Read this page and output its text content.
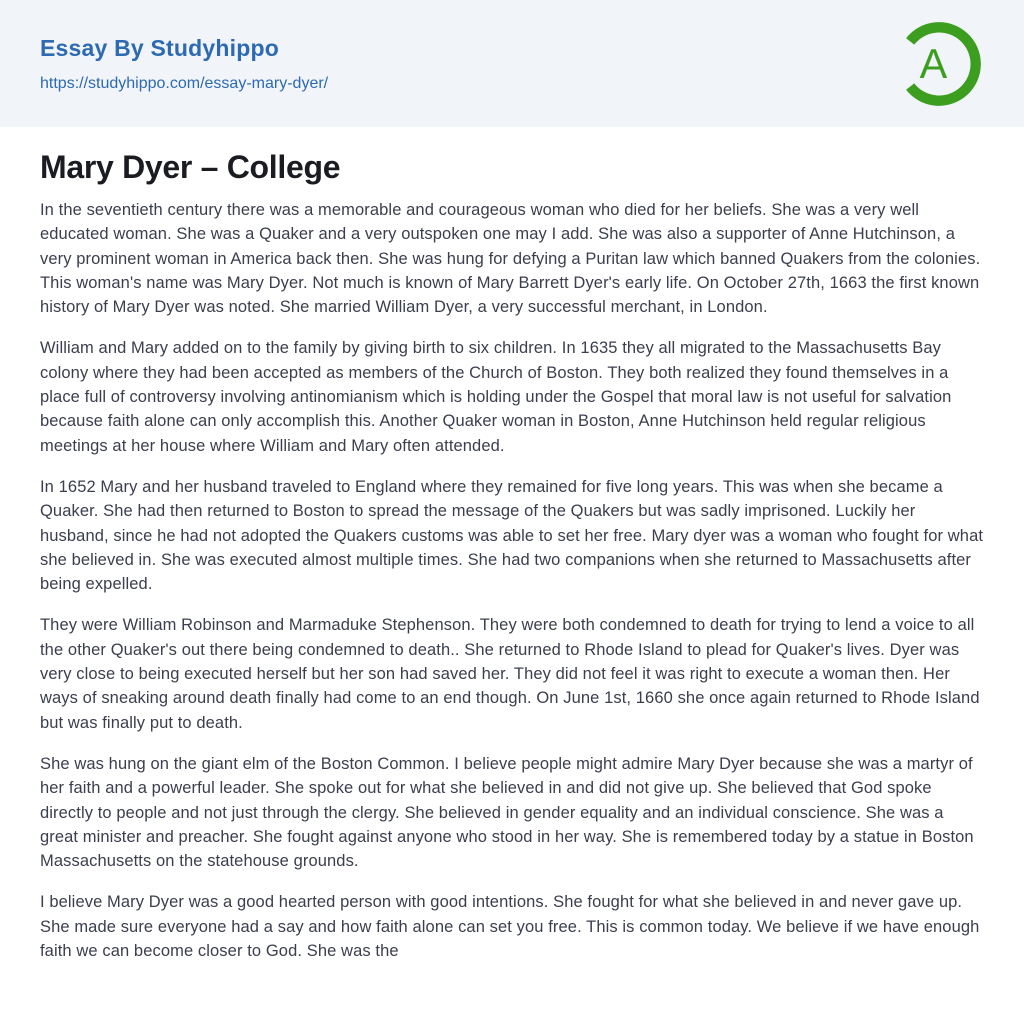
Essay By Studyhippo
https://studyhippo.com/essay-mary-dyer/	A
Mary Dyer – College

In the seventieth century there was a memorable and courageous woman who died for her beliefs. She was a very well educated woman. She was a Quaker and a very outspoken one may I add. She was also a supporter of Anne Hutchinson, a very prominent woman in America back then. She was hung for defying a Puritan law which banned Quakers from the colonies. This woman's name was Mary Dyer. Not much is known of Mary Barrett Dyer's early life. On October 27th, 1663 the first known history of Mary Dyer was noted. She married William Dyer, a very successful merchant, in London.

William and Mary added on to the family by giving birth to six children. In 1635 they all migrated to the Massachusetts Bay colony where they had been accepted as members of the Church of Boston. They both realized they found themselves in a place full of controversy involving antinomianism which is holding under the Gospel that moral law is not useful for salvation because faith alone can only accomplish this. Another Quaker woman in Boston, Anne Hutchinson held regular religious meetings at her house where William and Mary often attended.

In 1652 Mary and her husband traveled to England where they remained for five long years. This was when she became a Quaker. She had then returned to Boston to spread the message of the Quakers but was sadly imprisoned. Luckily her husband, since he had not adopted the Quakers customs was able to set her free. Mary dyer was a woman who fought for what she believed in. She was executed almost multiple times. She had two companions when she returned to Massachusetts after being expelled.

They were William Robinson and Marmaduke Stephenson. They were both condemned to death for trying to lend a voice to all the other Quaker's out there being condemned to death.. She returned to Rhode Island to plead for Quaker's lives. Dyer was very close to being executed herself but her son had saved her. They did not feel it was right to execute a woman then. Her ways of sneaking around death finally had come to an end though. On June 1st, 1660 she once again returned to Rhode Island but was finally put to death.

She was hung on the giant elm of the Boston Common. I believe people might admire Mary Dyer because she was a martyr of her faith and a powerful leader. She spoke out for what she believed in and did not give up. She believed that God spoke directly to people and not just through the clergy. She believed in gender equality and an individual conscience. She was a great minister and preacher. She fought against anyone who stood in her way. She is remembered today by a statue in Boston Massachusetts on the statehouse grounds.

I believe Mary Dyer was a good hearted person with good intentions. She fought for what she believed in and never gave up. She made sure everyone had a say and how faith alone can set you free. This is common today. We believe if we have enough faith we can become closer to God. She was the
